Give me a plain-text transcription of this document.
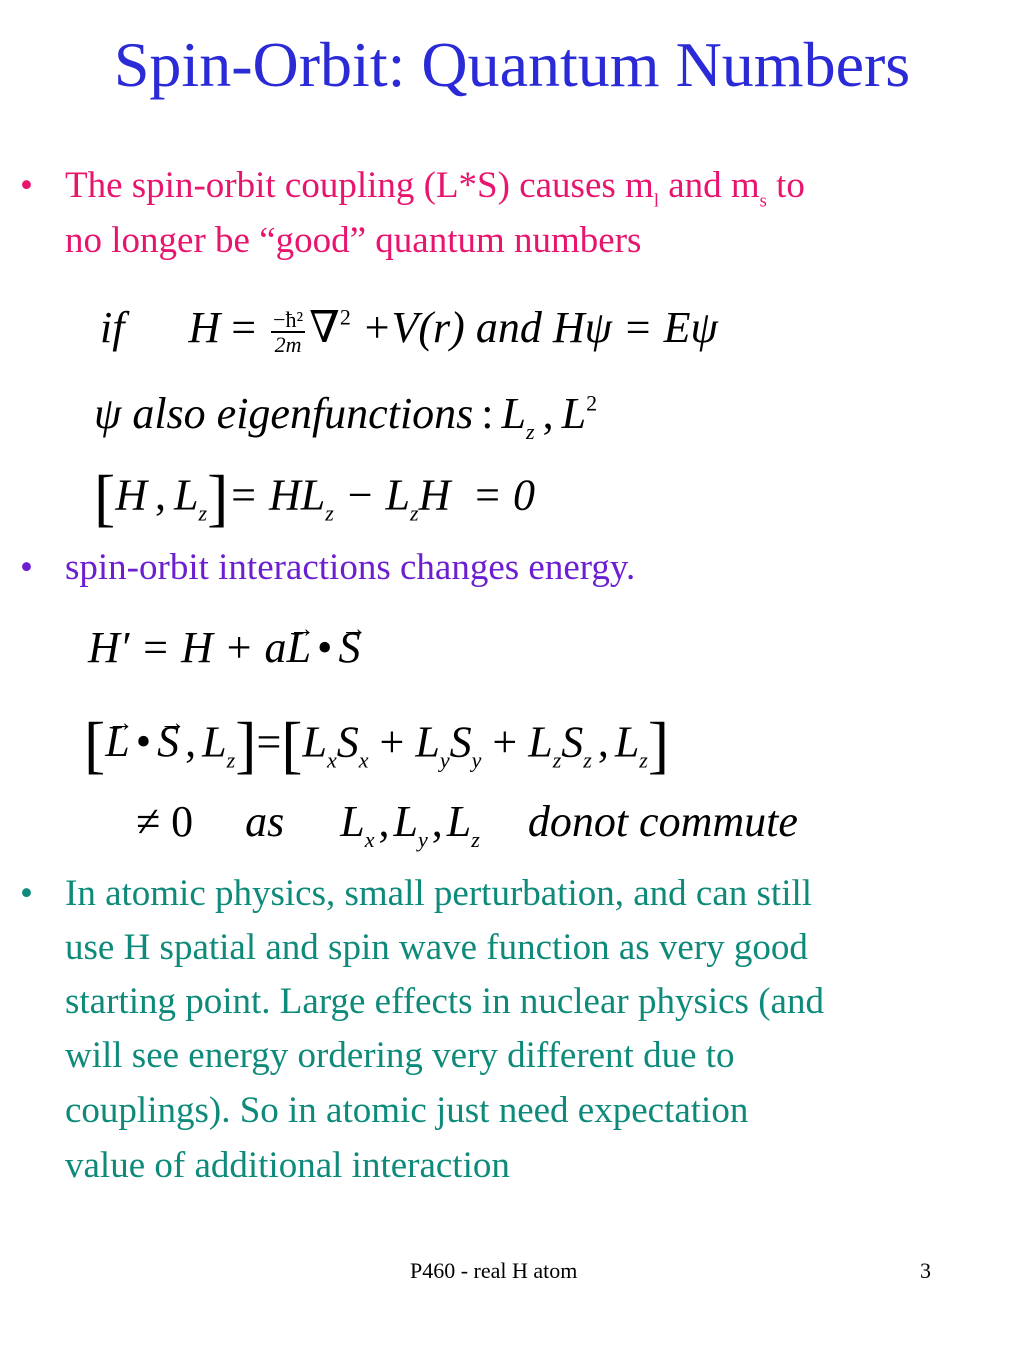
Spin-Orbit: Quantum Numbers
• The spin-orbit coupling (L*S) causes $m_l$ and $m_s$ to
no longer be “good” quantum numbers
if $H = \frac{\text{−ħ²}}{2m} \nabla^2 +V(r)$ and Hψ = Eψ
ψ also eigenfunctions : $L_z$ , $L^2$
[H , $L_z]= HL_z - L_zH = 0$
• spin-orbit interactions changes energy.
H′ = H + a→ L • → S
[→ L • → S , $L_z]=[L_xS_x + L_yS_y + L_zS_z$ , $L_z$]
≠ 0 as $L_x,L_y,L_z$ donot commute
• In atomic physics, small perturbation, and can still
use H spatial and spin wave function as very good
starting point. Large effects in nuclear physics (and
will see energy ordering very different due to
couplings). So in atomic just need expectation
value of additional interaction
P460 - real H atom	3
